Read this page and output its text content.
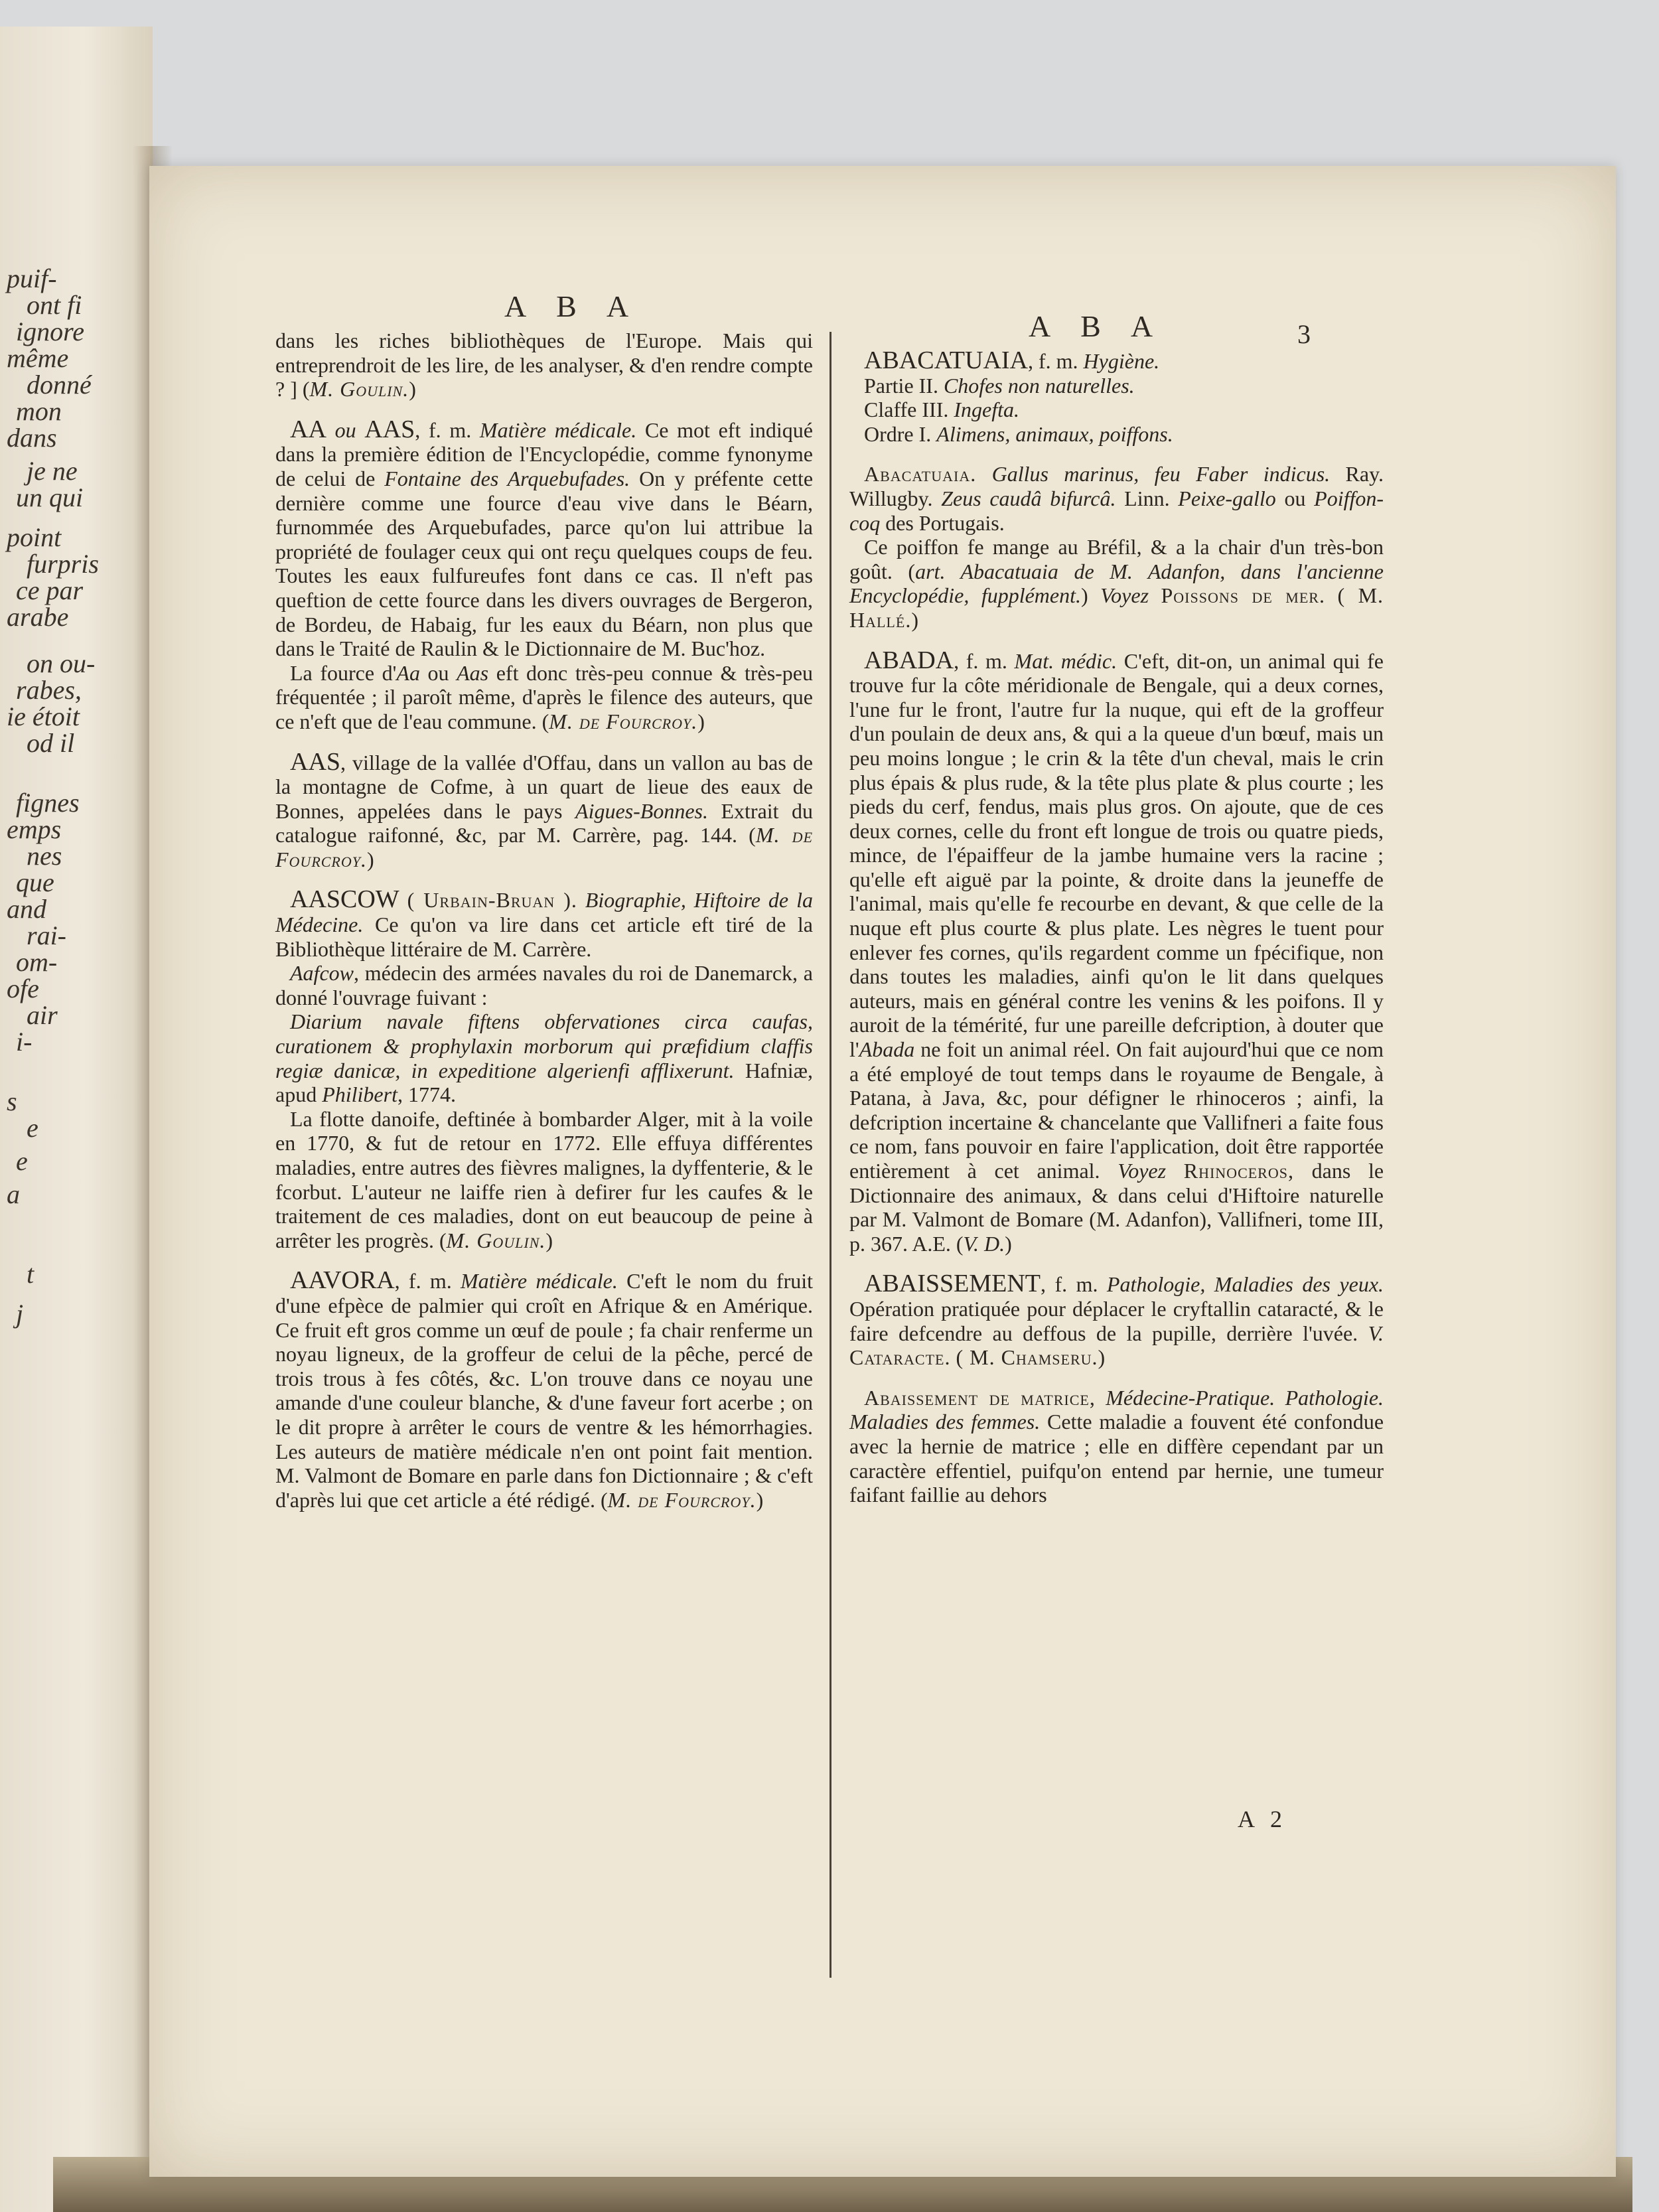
puif-
ont fi
ignore
même
donné
mon
dans
je ne
un qui
point
furpris
ce par
arabe
on ou-
rabes,
ie étoit
od il
fignes
emps
nes
que
and
rai-
om-
ofe
air
i-
s
e
e
a
t
j
A B A
A B A	3

dans les riches bibliothèques de l'Europe. Mais qui entreprendroit de les lire, de les analyser, & d'en rendre compte ? ] (M. Goulin.)

AA ou AAS, f. m. Matière médicale. Ce mot eft indiqué dans la première édition de l'Encyclopédie, comme fynonyme de celui de Fontaine des Arquebufades. On y préfente cette dernière comme une fource d'eau vive dans le Béarn, furnommée des Arquebufades, parce qu'on lui attribue la propriété de foulager ceux qui ont reçu quelques coups de feu. Toutes les eaux fulfureufes font dans ce cas. Il n'eft pas queftion de cette fource dans les divers ouvrages de Bergeron, de Bordeu, de Habaig, fur les eaux du Béarn, non plus que dans le Traité de Raulin & le Dictionnaire de M. Buc'hoz.

La fource d'Aa ou Aas eft donc très-peu connue & très-peu fréquentée ; il paroît même, d'après le filence des auteurs, que ce n'eft que de l'eau commune. (M. de Fourcroy.)

AAS, village de la vallée d'Offau, dans un vallon au bas de la montagne de Cofme, à un quart de lieue des eaux de Bonnes, appelées dans le pays Aigues-Bonnes. Extrait du catalogue raifonné, &c, par M. Carrère, pag. 144. (M. de Fourcroy.)

AASCOW ( Urbain-Bruan ). Biographie, Hiftoire de la Médecine. Ce qu'on va lire dans cet article eft tiré de la Bibliothèque littéraire de M. Carrère.

Aafcow, médecin des armées navales du roi de Danemarck, a donné l'ouvrage fuivant :

Diarium navale fiftens obfervationes circa caufas, curationem & prophylaxin morborum qui præfidium claffis regiæ danicæ, in expeditione algerienfi afflixerunt. Hafniæ, apud Philibert, 1774.

La flotte danoife, deftinée à bombarder Alger, mit à la voile en 1770, & fut de retour en 1772. Elle effuya différentes maladies, entre autres des fièvres malignes, la dyffenterie, & le fcorbut. L'auteur ne laiffe rien à defirer fur les caufes & le traitement de ces maladies, dont on eut beaucoup de peine à arrêter les progrès. (M. Goulin.)

AAVORA, f. m. Matière médicale. C'eft le nom du fruit d'une efpèce de palmier qui croît en Afrique & en Amérique. Ce fruit eft gros comme un œuf de poule ; fa chair renferme un noyau ligneux, de la groffeur de celui de la pêche, percé de trois trous à fes côtés, &c. L'on trouve dans ce noyau une amande d'une couleur blanche, & d'une faveur fort acerbe ; on le dit propre à arrêter le cours de ventre & les hémorrhagies. Les auteurs de matière médicale n'en ont point fait mention. M. Valmont de Bomare en parle dans fon Dictionnaire ; & c'eft d'après lui que cet article a été rédigé. (M. de Fourcroy.)

ABACATUAIA, f. m. Hygiène.

Partie II. Chofes non naturelles.

Claffe III. Ingefta.

Ordre I. Alimens, animaux, poiffons.

Abacatuaia. Gallus marinus, feu Faber indicus. Ray. Willugby. Zeus caudâ bifurcâ. Linn. Peixe-gallo ou Poiffon-coq des Portugais.

Ce poiffon fe mange au Bréfil, & a la chair d'un très-bon goût. (art. Abacatuaia de M. Adanfon, dans l'ancienne Encyclopédie, fupplément.) Voyez Poissons de mer. ( M. Hallé.)

ABADA, f. m. Mat. médic. C'eft, dit-on, un animal qui fe trouve fur la côte méridionale de Bengale, qui a deux cornes, l'une fur le front, l'autre fur la nuque, qui eft de la groffeur d'un poulain de deux ans, & qui a la queue d'un bœuf, mais un peu moins longue ; le crin & la tête d'un cheval, mais le crin plus épais & plus rude, & la tête plus plate & plus courte ; les pieds du cerf, fendus, mais plus gros. On ajoute, que de ces deux cornes, celle du front eft longue de trois ou quatre pieds, mince, de l'épaiffeur de la jambe humaine vers la racine ; qu'elle eft aiguë par la pointe, & droite dans la jeuneffe de l'animal, mais qu'elle fe recourbe en devant, & que celle de la nuque eft plus courte & plus plate. Les nègres le tuent pour enlever fes cornes, qu'ils regardent comme un fpécifique, non dans toutes les maladies, ainfi qu'on le lit dans quelques auteurs, mais en général contre les venins & les poifons. Il y auroit de la témérité, fur une pareille defcription, à douter que l'Abada ne foit un animal réel. On fait aujourd'hui que ce nom a été employé de tout temps dans le royaume de Bengale, à Patana, à Java, &c, pour défigner le rhinoceros ; ainfi, la defcription incertaine & chancelante que Vallifneri a faite fous ce nom, fans pouvoir en faire l'application, doit être rapportée entièrement à cet animal. Voyez Rhinoceros, dans le Dictionnaire des animaux, & dans celui d'Hiftoire naturelle par M. Valmont de Bomare (M. Adanfon), Vallifneri, tome III, p. 367. A.E. (V. D.)

ABAISSEMENT, f. m. Pathologie, Maladies des yeux. Opération pratiquée pour déplacer le cryftallin cataracté, & le faire defcendre au deffous de la pupille, derrière l'uvée. V. Cataracte. ( M. Chamseru.)

Abaissement de matrice, Médecine-Pratique. Pathologie. Maladies des femmes. Cette maladie a fouvent été confondue avec la hernie de matrice ; elle en diffère cependant par un caractère effentiel, puifqu'on entend par hernie, une tumeur faifant faillie au dehors

A 2
